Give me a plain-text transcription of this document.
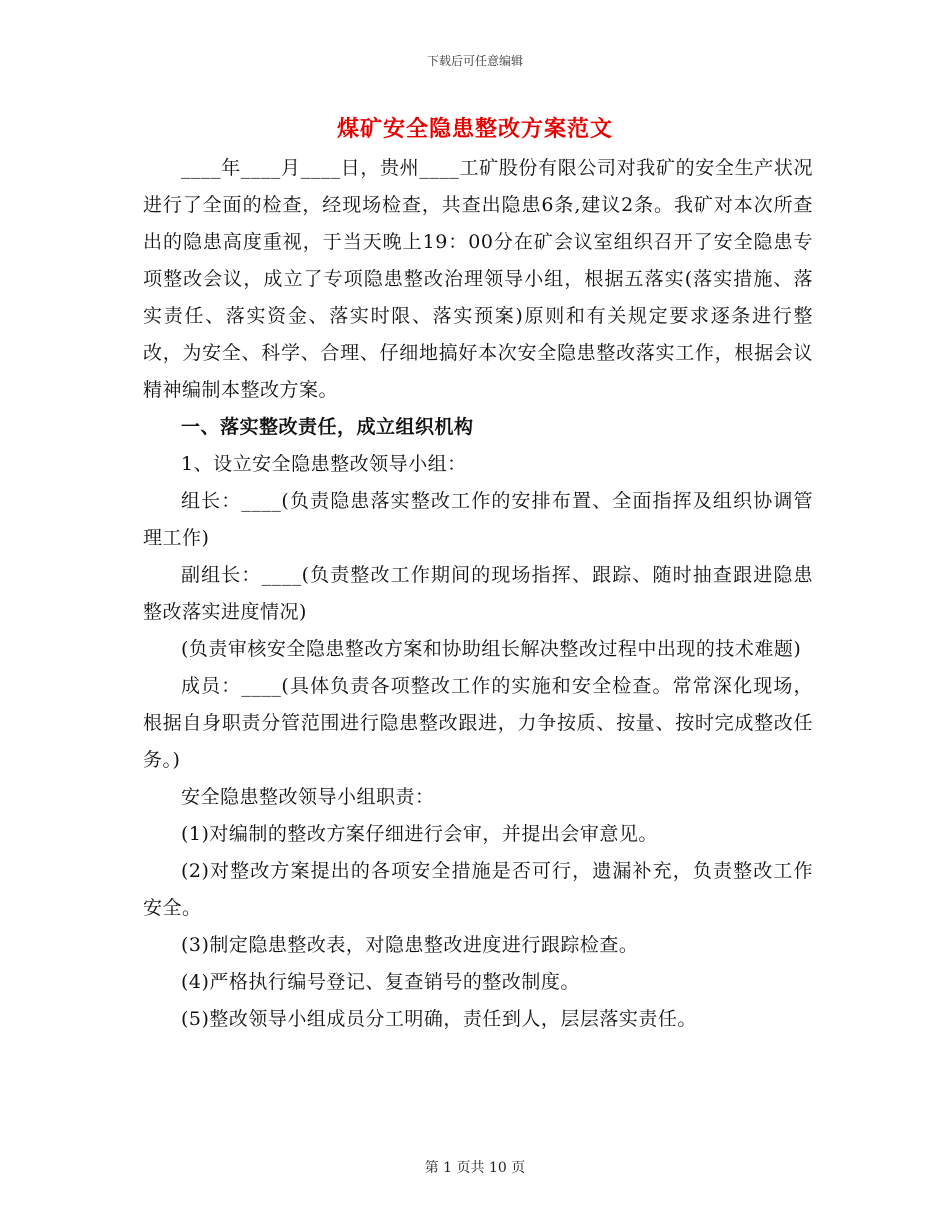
下载后可任意编辑
煤矿安全隐患整改方案范文

____年____月____日，贵州____工矿股份有限公司对我矿的安全生产状况进行了全面的检查，经现场检查，共查出隐患6条,建议2条。我矿对本次所查出的隐患高度重视，于当天晚上19：00分在矿会议室组织召开了安全隐患专项整改会议，成立了专项隐患整改治理领导小组，根据五落实(落实措施、落实责任、落实资金、落实时限、落实预案)原则和有关规定要求逐条进行整改，为安全、科学、合理、仔细地搞好本次安全隐患整改落实工作，根据会议精神编制本整改方案。

一、落实整改责任，成立组织机构

1、设立安全隐患整改领导小组：

组长：____(负责隐患落实整改工作的安排布置、全面指挥及组织协调管理工作)

副组长：____(负责整改工作期间的现场指挥、跟踪、随时抽查跟进隐患整改落实进度情况)

(负责审核安全隐患整改方案和协助组长解决整改过程中出现的技术难题)

成员：____(具体负责各项整改工作的实施和安全检查。常常深化现场，根据自身职责分管范围进行隐患整改跟进，力争按质、按量、按时完成整改任务。)

安全隐患整改领导小组职责：

(1)对编制的整改方案仔细进行会审，并提出会审意见。

(2)对整改方案提出的各项安全措施是否可行，遗漏补充，负责整改工作安全。

(3)制定隐患整改表，对隐患整改进度进行跟踪检查。

(4)严格执行编号登记、复查销号的整改制度。

(5)整改领导小组成员分工明确，责任到人，层层落实责任。

第 1 页共 10 页
